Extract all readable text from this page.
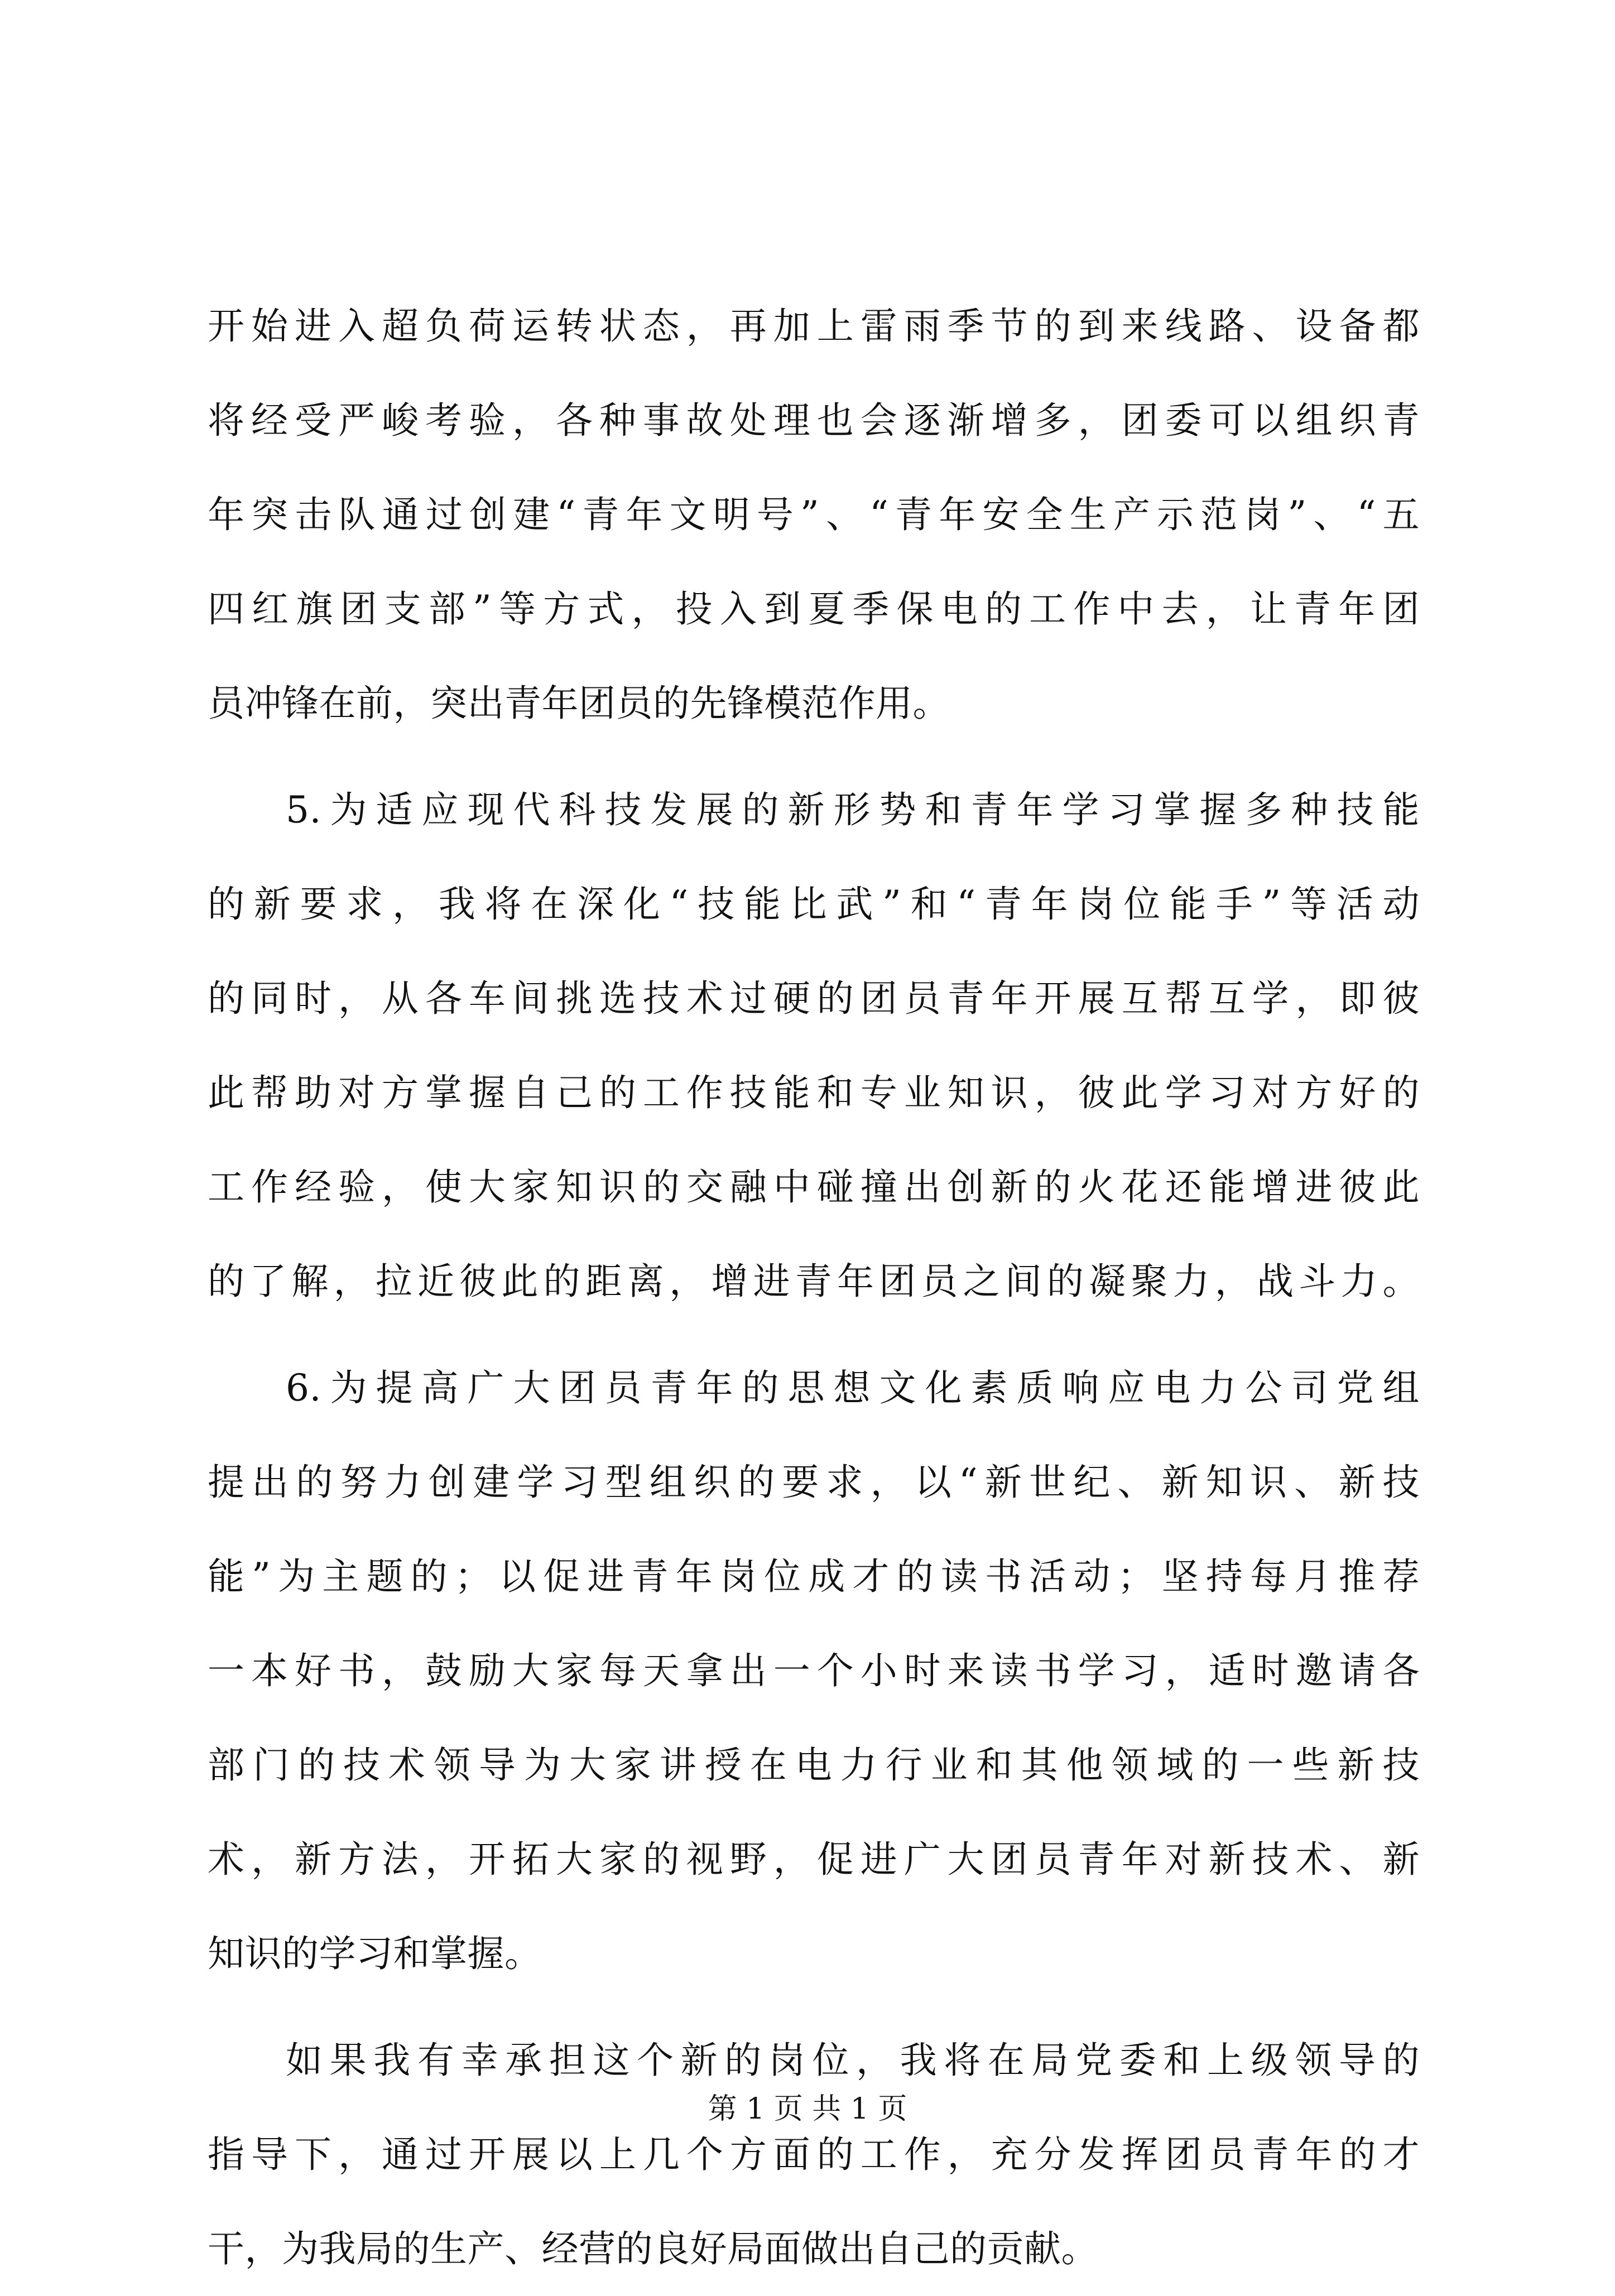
开始进入超负荷运转状态，再加上雷雨季节的到来线路、设备都
将经受严峻考验，各种事故处理也会逐渐增多，团委可以组织青
年突击队通过创建“青年文明号”、“青年安全生产示范岗”、“五
四红旗团支部”等方式，投入到夏季保电的工作中去，让青年团
员冲锋在前，突出青年团员的先锋模范作用。
5.为适应现代科技发展的新形势和青年学习掌握多种技能
的新要求，我将在深化“技能比武”和“青年岗位能手”等活动
的同时，从各车间挑选技术过硬的团员青年开展互帮互学，即彼
此帮助对方掌握自己的工作技能和专业知识，彼此学习对方好的
工作经验，使大家知识的交融中碰撞出创新的火花还能增进彼此
的了解，拉近彼此的距离，增进青年团员之间的凝聚力，战斗力。
6.为提高广大团员青年的思想文化素质响应电力公司党组
提出的努力创建学习型组织的要求，以“新世纪、新知识、新技
能”为主题的；以促进青年岗位成才的读书活动；坚持每月推荐
一本好书，鼓励大家每天拿出一个小时来读书学习，适时邀请各
部门的技术领导为大家讲授在电力行业和其他领域的一些新技
术，新方法，开拓大家的视野，促进广大团员青年对新技术、新
知识的学习和掌握。
如果我有幸承担这个新的岗位，我将在局党委和上级领导的
指导下，通过开展以上几个方面的工作，充分发挥团员青年的才
干，为我局的生产、经营的良好局面做出自己的贡献。
第 1 页 共 1 页
